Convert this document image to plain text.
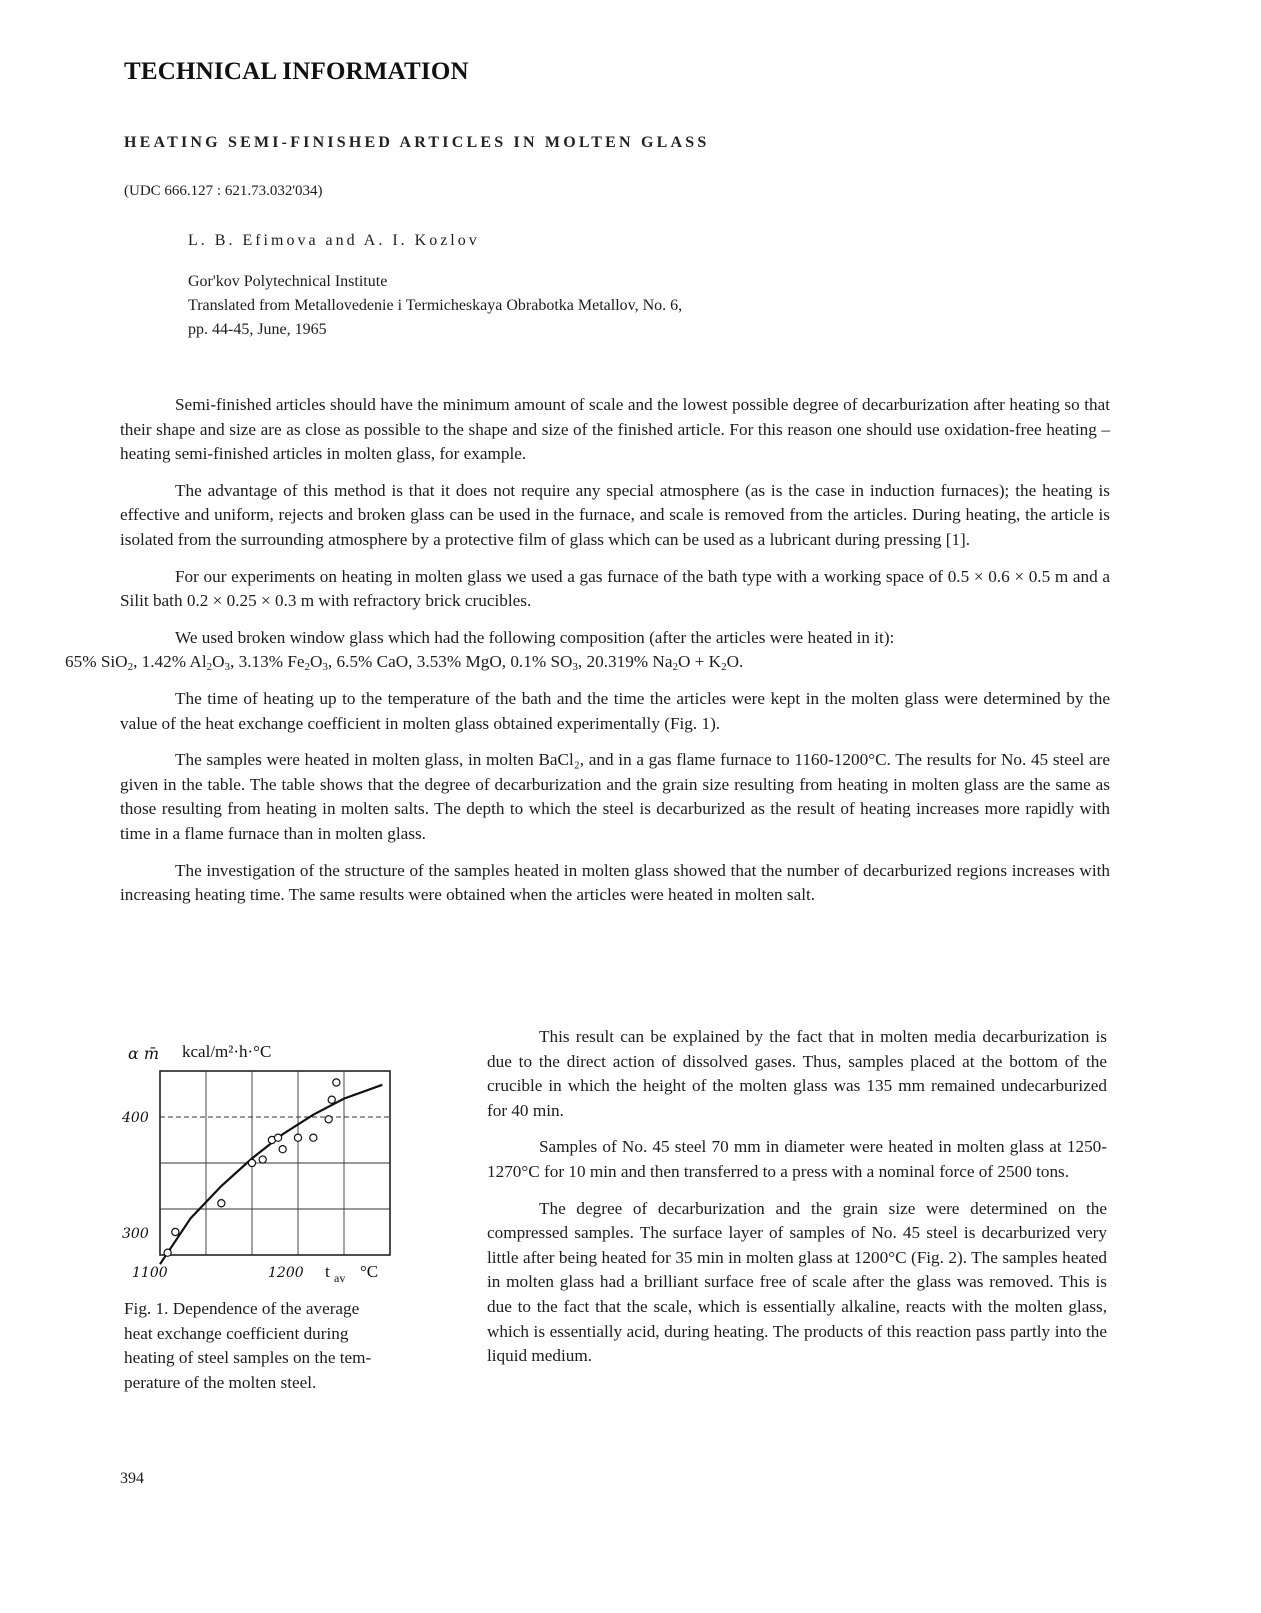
TECHNICAL INFORMATION
HEATING SEMI-FINISHED ARTICLES IN MOLTEN GLASS
(UDC 666.127 : 621.73.032'034)
L. B. Efimova and A. I. Kozlov
Gor'kov Polytechnical Institute
Translated from Metallovedenie i Termicheskaya Obrabotka Metallov, No. 6,
pp. 44-45, June, 1965

Semi-finished articles should have the minimum amount of scale and the lowest possible degree of decarburization after heating so that their shape and size are as close as possible to the shape and size of the finished article. For this reason one should use oxidation-free heating – heating semi-finished articles in molten glass, for example.

The advantage of this method is that it does not require any special atmosphere (as is the case in induction furnaces); the heating is effective and uniform, rejects and broken glass can be used in the furnace, and scale is removed from the articles. During heating, the article is isolated from the surrounding atmosphere by a protective film of glass which can be used as a lubricant during pressing [1].

For our experiments on heating in molten glass we used a gas furnace of the bath type with a working space of 0.5 × 0.6 × 0.5 m and a Silit bath 0.2 × 0.25 × 0.3 m with refractory brick crucibles.

We used broken window glass which had the following composition (after the articles were heated in it):
65% SiO$_2$, 1.42% $Al_2O_3$, 3.13% $Fe_2O_3$, 6.5% CaO, 3.53% MgO, 0.1% $SO_3$, 20.319% $Na_2O + K_2O$.

The time of heating up to the temperature of the bath and the time the articles were kept in the molten glass were determined by the value of the heat exchange coefficient in molten glass obtained experimentally (Fig. 1).

The samples were heated in molten glass, in molten BaCl₂, and in a gas flame furnace to 1160-1200°C. The results for No. 45 steel are given in the table. The table shows that the degree of decarburization and the grain size resulting from heating in molten glass are the same as those resulting from heating in molten salts. The depth to which the steel is decarburized as the result of heating increases more rapidly with time in a flame furnace than in molten glass.

The investigation of the structure of the samples heated in molten glass showed that the number of decarburized regions increases with increasing heating time. The same results were obtained when the articles were heated in molten salt.

400
300
1100	1200
α m̄ kcal/m²·h·°C
t av °C
Fig. 1. Dependence of the average
heat exchange coefficient during
heating of steel samples on the tem-
perature of the molten steel.

This result can be explained by the fact that in molten media decarburization is due to the direct action of dissolved gases. Thus, samples placed at the bottom of the crucible in which the height of the molten glass was 135 mm remained undecarburized for 40 min.

Samples of No. 45 steel 70 mm in diameter were heated in molten glass at 1250-1270°C for 10 min and then transferred to a press with a nominal force of 2500 tons.

The degree of decarburization and the grain size were determined on the compressed samples. The surface layer of samples of No. 45 steel is decarburized very little after being heated for 35 min in molten glass at 1200°C (Fig. 2). The samples heated in molten glass had a brilliant surface free of scale after the glass was removed. This is due to the fact that the scale, which is essentially alkaline, reacts with the molten glass, which is essentially acid, during heating. The products of this reaction pass partly into the liquid medium.

394
